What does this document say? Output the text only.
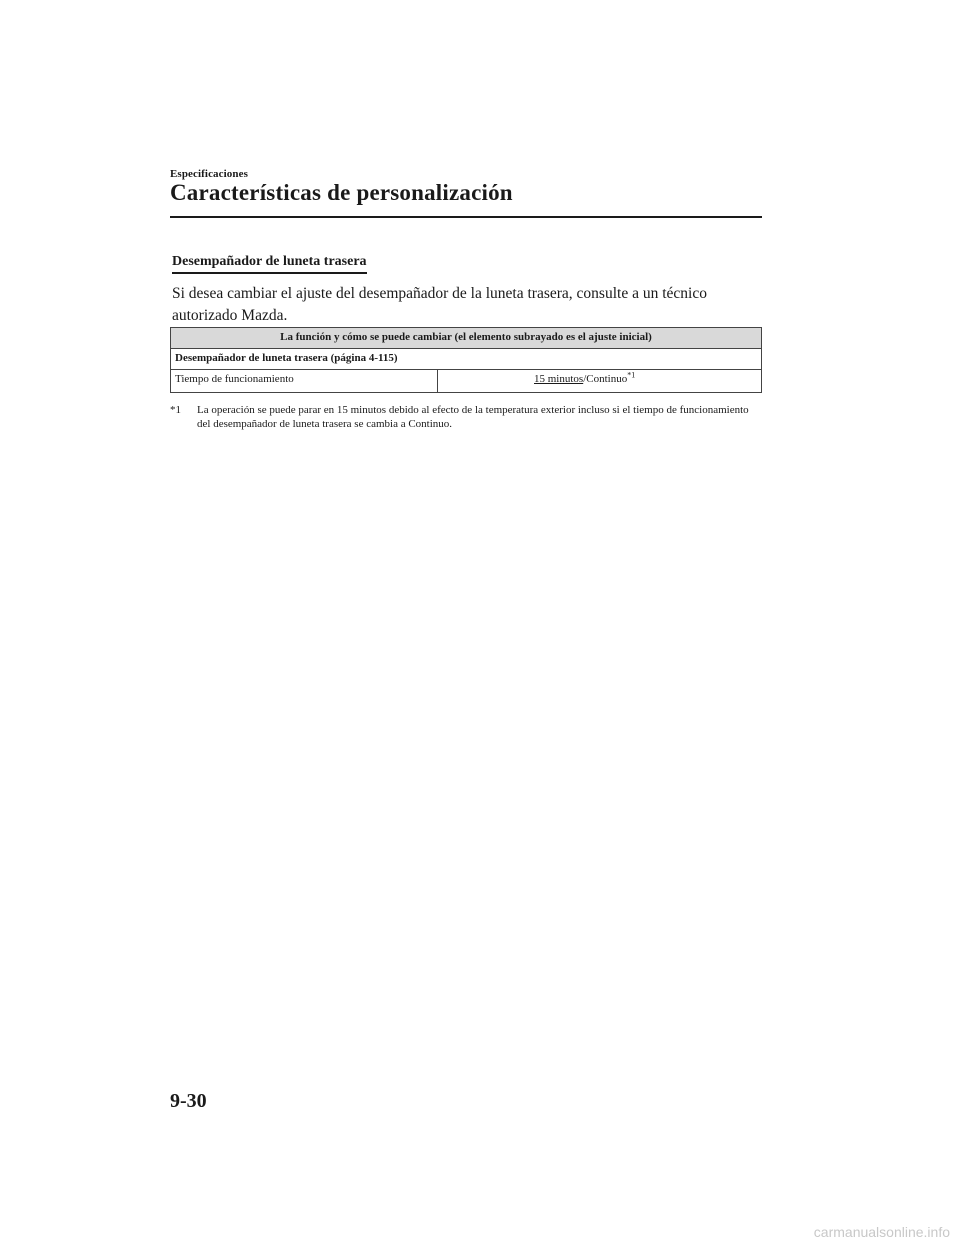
Especificaciones
Características de personalización
Desempañador de luneta trasera
Si desea cambiar el ajuste del desempañador de la luneta trasera, consulte a un técnico autorizado Mazda.
La función y cómo se puede cambiar (el elemento subrayado es el ajuste inicial)
Desempañador de luneta trasera (página 4-115)
Tiempo de funcionamiento	15 minutos/Continuo$^{*1}$
*1	La operación se puede parar en 15 minutos debido al efecto de la temperatura exterior incluso si el tiempo de funcionamiento del desempañador de luneta trasera se cambia a Continuo.
9-30
carmanualsonline.info
